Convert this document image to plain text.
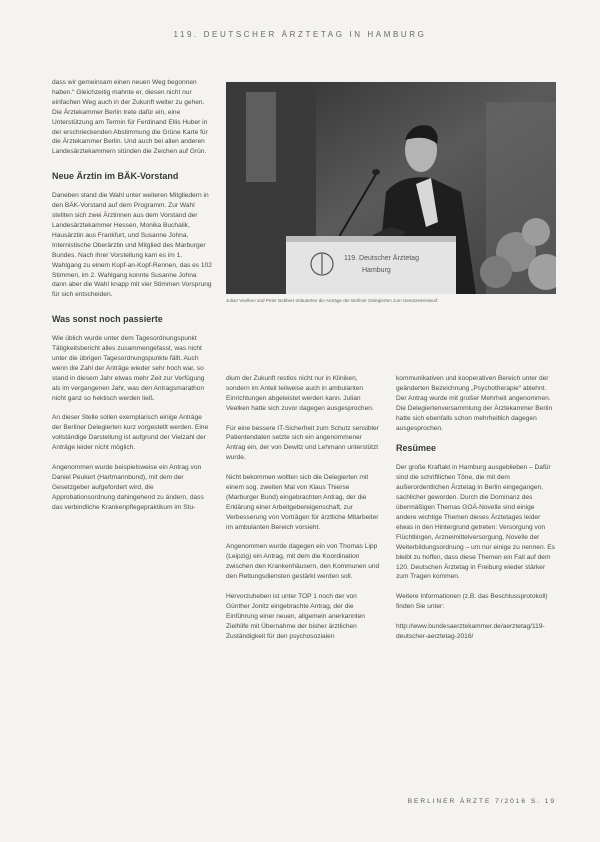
119. DEUTSCHER ÄRZTETAG IN HAMBURG

dass wir gemeinsam einen neuen Weg begonnen haben.“ Gleichzeitig mahnte er, diesen nicht nur einfachen Weg auch in der Zukunft weiter zu gehen. Die Ärztekammer Berlin trete dafür ein, eine Unterstützung am Termin für Ferdinand Ellis Huber in der erschrieckenden Abstimmung die Grüne Karte für die Ärztekammer Berlin. Und auch bei allen anderen Landesärztekammern stünden die Zeichen auf Grün.

Neue Ärztin im BÄK-Vorstand

Daneben stand die Wahl unter weiteren Mitgliedern in den BÄK-Vorstand auf dem Programm. Zur Wahl stellten sich zwei Ärztinnen aus dem Vorstand der Landesärztekammer Hessen, Monika Buchalik, Hausärztin aus Frankfurt, und Susanne Johna, Internistische Oberärztin und Mitglied des Marburger Bundes. Nach ihrer Vorstellung kam es im 1. Wahlgang zu einem Kopf-an-Kopf-Rennen, das es 102 Stimmen, im 2. Wahlgang konnte Susanne Johna dann aber die Wahl knapp mit vier Stimmen Vorsprung für sich entscheiden.

Was sonst noch passierte

Wie üblich wurde unter dem Tagesordnungspunkt Tätigkeitsbericht alles zusammengefasst, was nicht unter die übrigen Tagesordnungspunkte fällt. Auch wenn die Zahl der Anträge wieder sehr hoch war, so stand in diesem Jahr etwas mehr Zeit zur Verfügung als im vergangenen Jahr, was den Antragsmarathon nicht ganz so hektisch werden ließ.

An dieser Stelle sollen exemplarisch einige Anträge der Berliner Delegierten kurz vorgestellt werden. Eine vollständige Darstellung ist aufgrund der Vielzahl der Anträge leider nicht möglich.

Angenommen wurde beispielsweise ein Antrag von Daniel Peukert (Hartmannbund), mit dem der Gesetzgeber aufgefordert wird, die Approbationsordnung dahingehend zu ändern, dass das verbindliche Krankenpflegepraktikum im Stu-

119. Deutscher Ärztetag
Hamburg
Julian Veelken und Peter Bobbert erläuterten die Anträge der Berliner Delegierten zum Gesetzesentwurf.

dium der Zukunft restlos nicht nur in Kliniken, sondern im Anteil teilweise auch in ambulanten Einrichtungen abgeleistet werden kann. Julian Veelken hatte sich zuvor dagegen ausgesprochen.

Für eine bessere IT-Sicherheit zum Schutz sensibler Patientendaten setzte sich ein angenommener Antrag ein, der von Dewitz und Lehmann unterstützt wurde.

Nicht bekommen wollten sich die Delegierten mit einem sog. zweiten Mal von Klaus Thierse (Marburger Bund) eingebrachten Antrag, der die Erklärung einer Arbeitgebereigenschaft, zur Verbesserung von Vorträgen für ärztliche Mitarbeiter im ambulanten Bereich vorsieht.

Angenommen wurde dagegen ein von Thomas Lipp (Leipzig) ein Antrag, mit dem die Koordination zwischen den Krankenhäusern, den Kommunen und den Rettungsdiensten gestärkt werden soll.

Hervorzuheben ist unter TOP 1 noch der von Günther Jonitz eingebrachte Antrag, der die Einführung einer neuen, allgemein anerkannten Zielhilfe mit Übernahme der bisher ärztlichen Zuständigkeit für den psychosozialen

kommunikativen und kooperativen Bereich unter der geänderten Bezeichnung „Psychotherapie“ ablehnt. Der Antrag wurde mit großer Mehrheit angenommen. Die Delegiertenversammlung der Ärztekammer Berlin hatte sich ebenfalls schon mehrheitlich dagegen ausgesprochen.

Resümee

Der große Kraftakt in Hamburg ausgeblieben – Dafür sind die schriftlichen Töne, die mit dem außerordentlichen Ärztetag in Berlin eingegangen, sachlicher geworden. Durch die Dominanz des übermäßigen Themas GOÄ-Novelle sind einige andere wichtige Themen dieses Ärztetages leider etwas in den Hintergrund getreten: Versorgung von Flüchtlingen, Arzneimittelversorgung, Novelle der Weiterbildungsordnung – um nur einige zu nennen. Es bleibt zu hoffen, dass diese Themen ein Fall auf dem 120. Deutschen Ärztetag in Freiburg wieder stärker zum Tragen kommen.

Weitere Informationen (z.B. das Beschlussprotokoll) finden Sie unter:

http://www.bundesaerztekammer.de/aerztetag/119-deutscher-aerztetag-2016/

BERLINER ÄRZTE 7/2016 S. 19
